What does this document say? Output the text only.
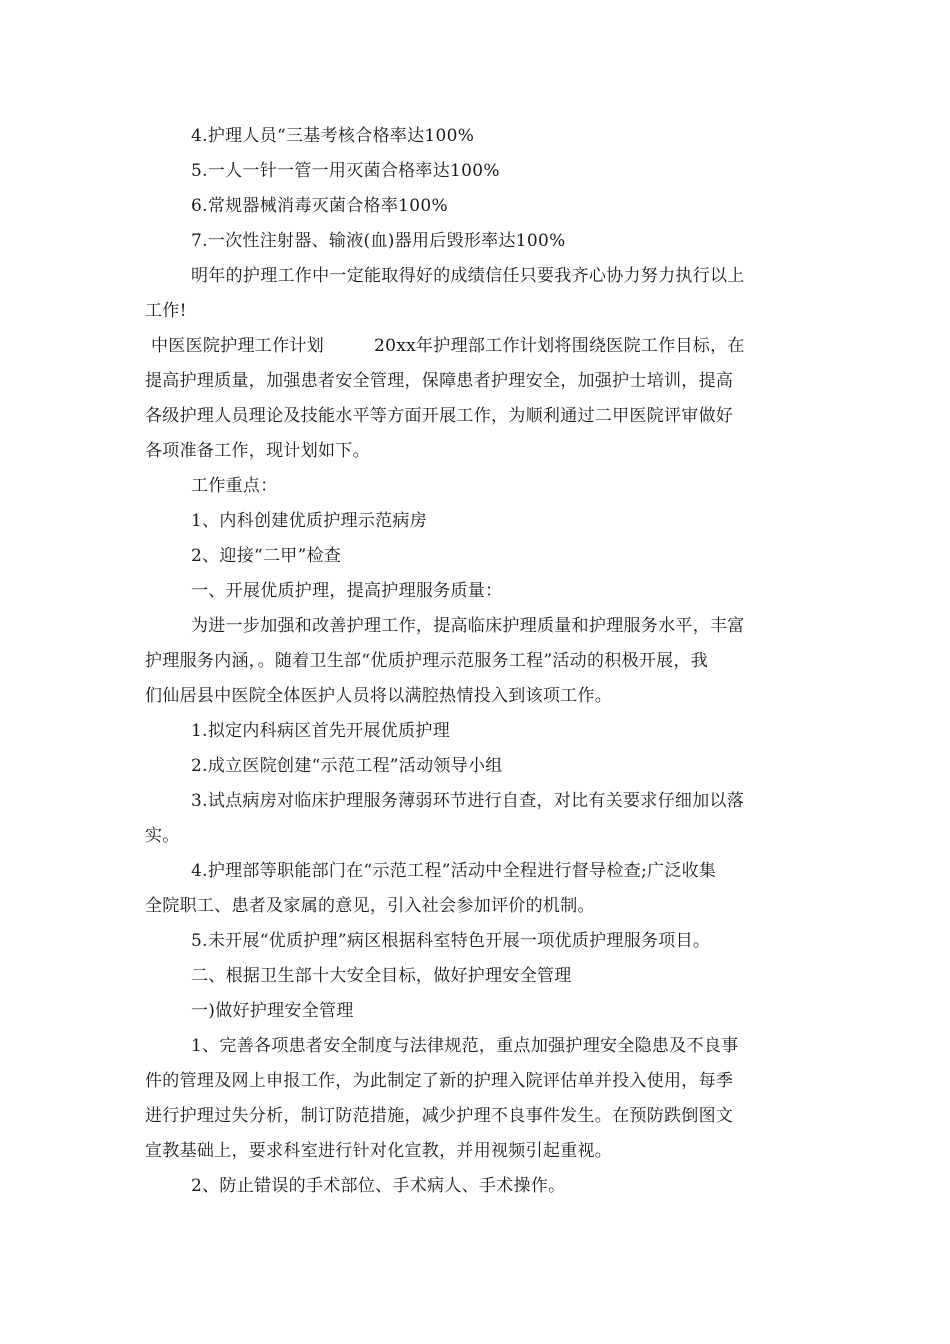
4.护理人员“三基考核合格率达100%
5.一人一针一管一用灭菌合格率达100%
6.常规器械消毒灭菌合格率100%
7.一次性注射器、输液(血)器用后毁形率达100%
明年的护理工作中一定能取得好的成绩信任只要我齐心协力努力执行以上
工作!
中医医院护理工作计划	20xx年护理部工作计划将围绕医院工作目标，在
提高护理质量，加强患者安全管理，保障患者护理安全，加强护士培训，提高
各级护理人员理论及技能水平等方面开展工作，为顺利通过二甲医院评审做好
各项准备工作，现计划如下。
工作重点：
1、内科创建优质护理示范病房
2、迎接“二甲”检查
一、开展优质护理，提高护理服务质量：
为进一步加强和改善护理工作，提高临床护理质量和护理服务水平，丰富
护理服务内涵，。随着卫生部“优质护理示范服务工程”活动的积极开展，我
们仙居县中医院全体医护人员将以满腔热情投入到该项工作。
1.拟定内科病区首先开展优质护理
2.成立医院创建“示范工程”活动领导小组
3.试点病房对临床护理服务薄弱环节进行自查，对比有关要求仔细加以落
实。
4.护理部等职能部门在“示范工程”活动中全程进行督导检查;广泛收集
全院职工、患者及家属的意见，引入社会参加评价的机制。
5.未开展“优质护理”病区根据科室特色开展一项优质护理服务项目。
二、根据卫生部十大安全目标，做好护理安全管理
一)做好护理安全管理
1、完善各项患者安全制度与法律规范，重点加强护理安全隐患及不良事
件的管理及网上申报工作，为此制定了新的护理入院评估单并投入使用，每季
进行护理过失分析，制订防范措施，减少护理不良事件发生。在预防跌倒图文
宣教基础上，要求科室进行针对化宣教，并用视频引起重视。
2、防止错误的手术部位、手术病人、手术操作。
